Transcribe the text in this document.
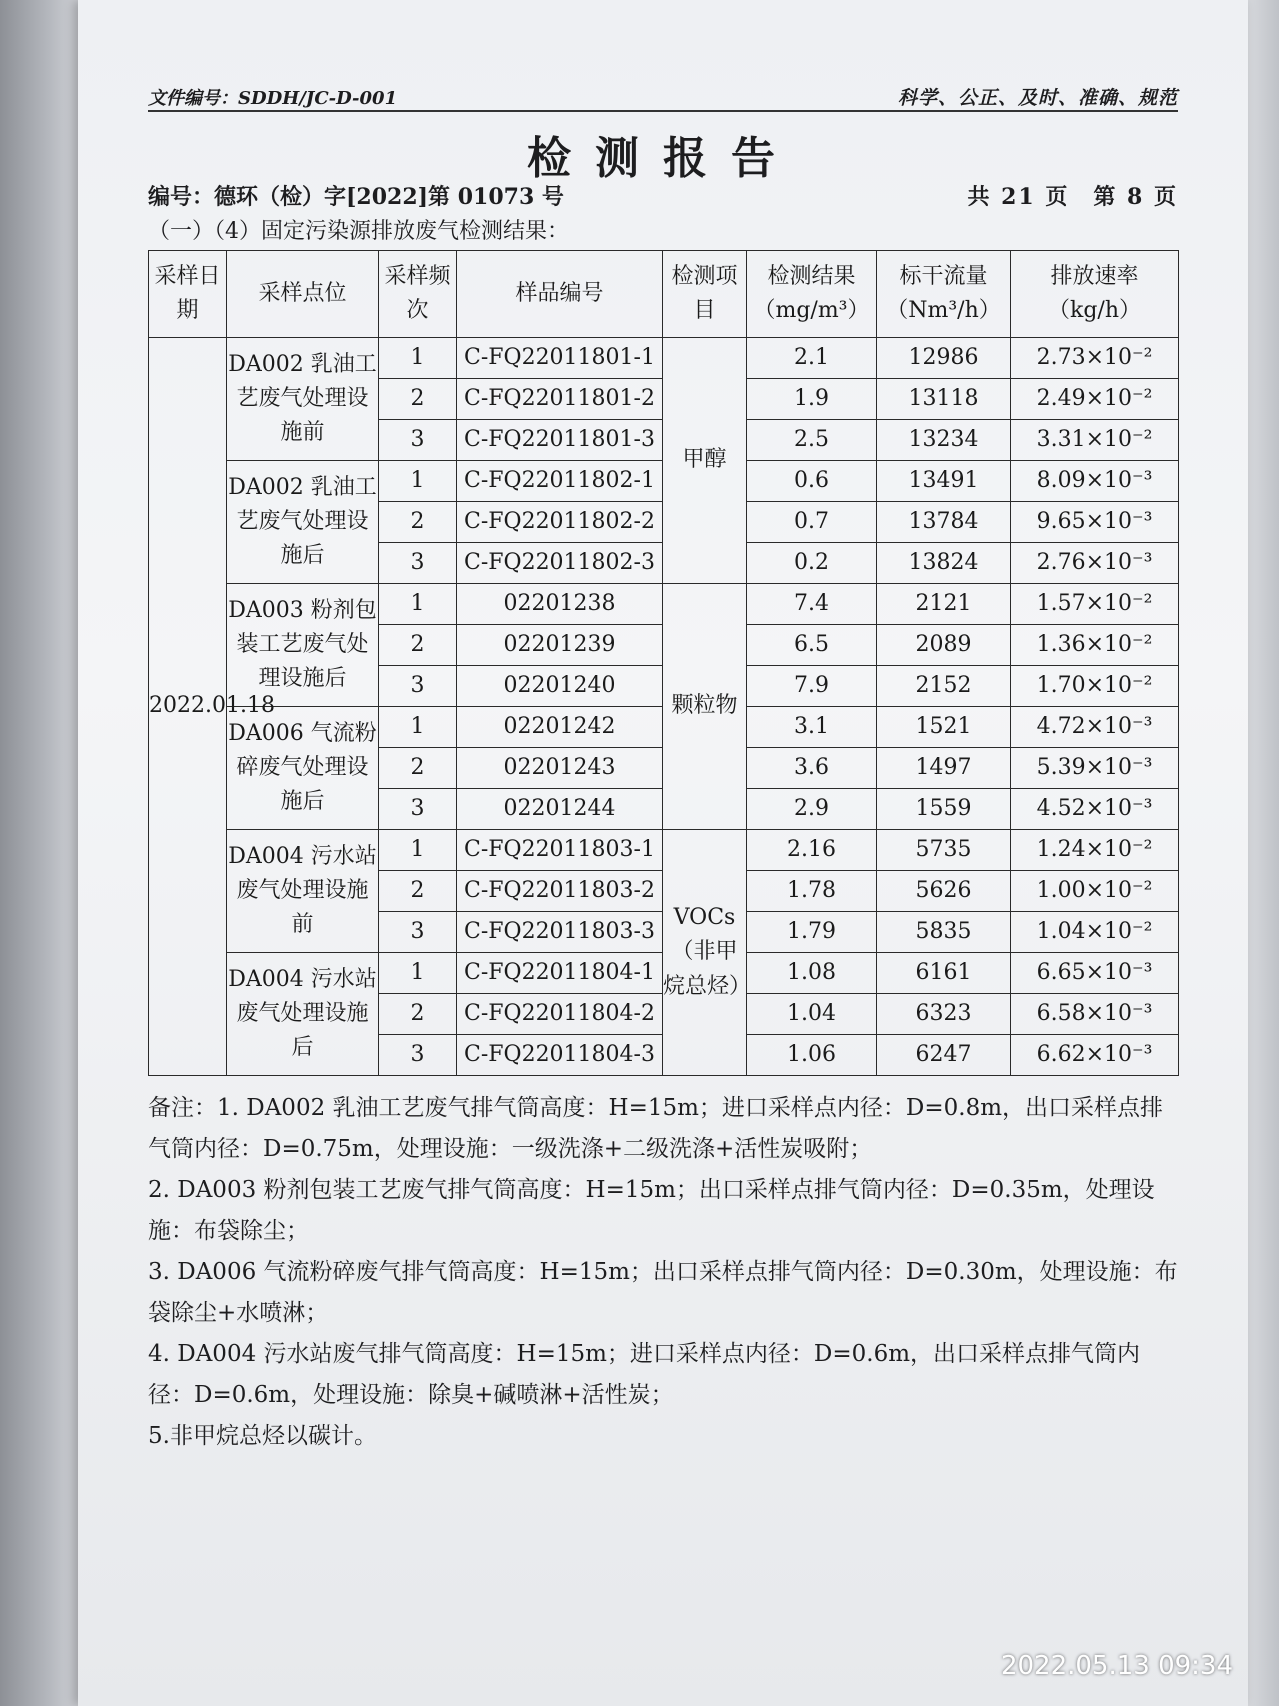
文件编号：SDDH/JC-D-001	科学、公正、及时、准确、规范
检测报告
编号：德环（检）字[2022]第 01073 号	共 21 页　第 8 页
（一）（4）固定污染源排放废气检测结果：
采样日期	采样点位	采样频次	样品编号	检测项目	检测结果（mg/m³）	标干流量（Nm³/h）	排放速率（kg/h）
2022.01.18	DA002 乳油工艺废气处理设施前	1	C-FQ22011801-1	甲醇	2.1	12986	2.73×10⁻²
		2	C-FQ22011801-2		1.9	13118	2.49×10⁻²
		3	C-FQ22011801-3		2.5	13234	3.31×10⁻²
	DA002 乳油工艺废气处理设施后	1	C-FQ22011802-1		0.6	13491	8.09×10⁻³
		2	C-FQ22011802-2		0.7	13784	9.65×10⁻³
		3	C-FQ22011802-3		0.2	13824	2.76×10⁻³
	DA003 粉剂包装工艺废气处理设施后	1	02201238	颗粒物	7.4	2121	1.57×10⁻²
		2	02201239		6.5	2089	1.36×10⁻²
		3	02201240		7.9	2152	1.70×10⁻²
	DA006 气流粉碎废气处理设施后	1	02201242		3.1	1521	4.72×10⁻³
		2	02201243		3.6	1497	5.39×10⁻³
		3	02201244		2.9	1559	4.52×10⁻³
	DA004 污水站废气处理设施前	1	C-FQ22011803-1	VOCs（非甲烷总烃）	2.16	5735	1.24×10⁻²
		2	C-FQ22011803-2		1.78	5626	1.00×10⁻²
		3	C-FQ22011803-3		1.79	5835	1.04×10⁻²
	DA004 污水站废气处理设施后	1	C-FQ22011804-1		1.08	6161	6.65×10⁻³
		2	C-FQ22011804-2		1.04	6323	6.58×10⁻³
		3	C-FQ22011804-3		1.06	6247	6.62×10⁻³

备注：1. DA002 乳油工艺废气排气筒高度：H=15m；进口采样点内径：D=0.8m，出口采样点排气筒内径：D=0.75m，处理设施：一级洗涤+二级洗涤+活性炭吸附；

2. DA003 粉剂包装工艺废气排气筒高度：H=15m；出口采样点排气筒内径：D=0.35m，处理设施：布袋除尘；

3. DA006 气流粉碎废气排气筒高度：H=15m；出口采样点排气筒内径：D=0.30m，处理设施：布袋除尘+水喷淋；

4. DA004 污水站废气排气筒高度：H=15m；进口采样点内径：D=0.6m，出口采样点排气筒内径：D=0.6m，处理设施：除臭+碱喷淋+活性炭；

5.非甲烷总烃以碳计。

2022.05.13 09:34
